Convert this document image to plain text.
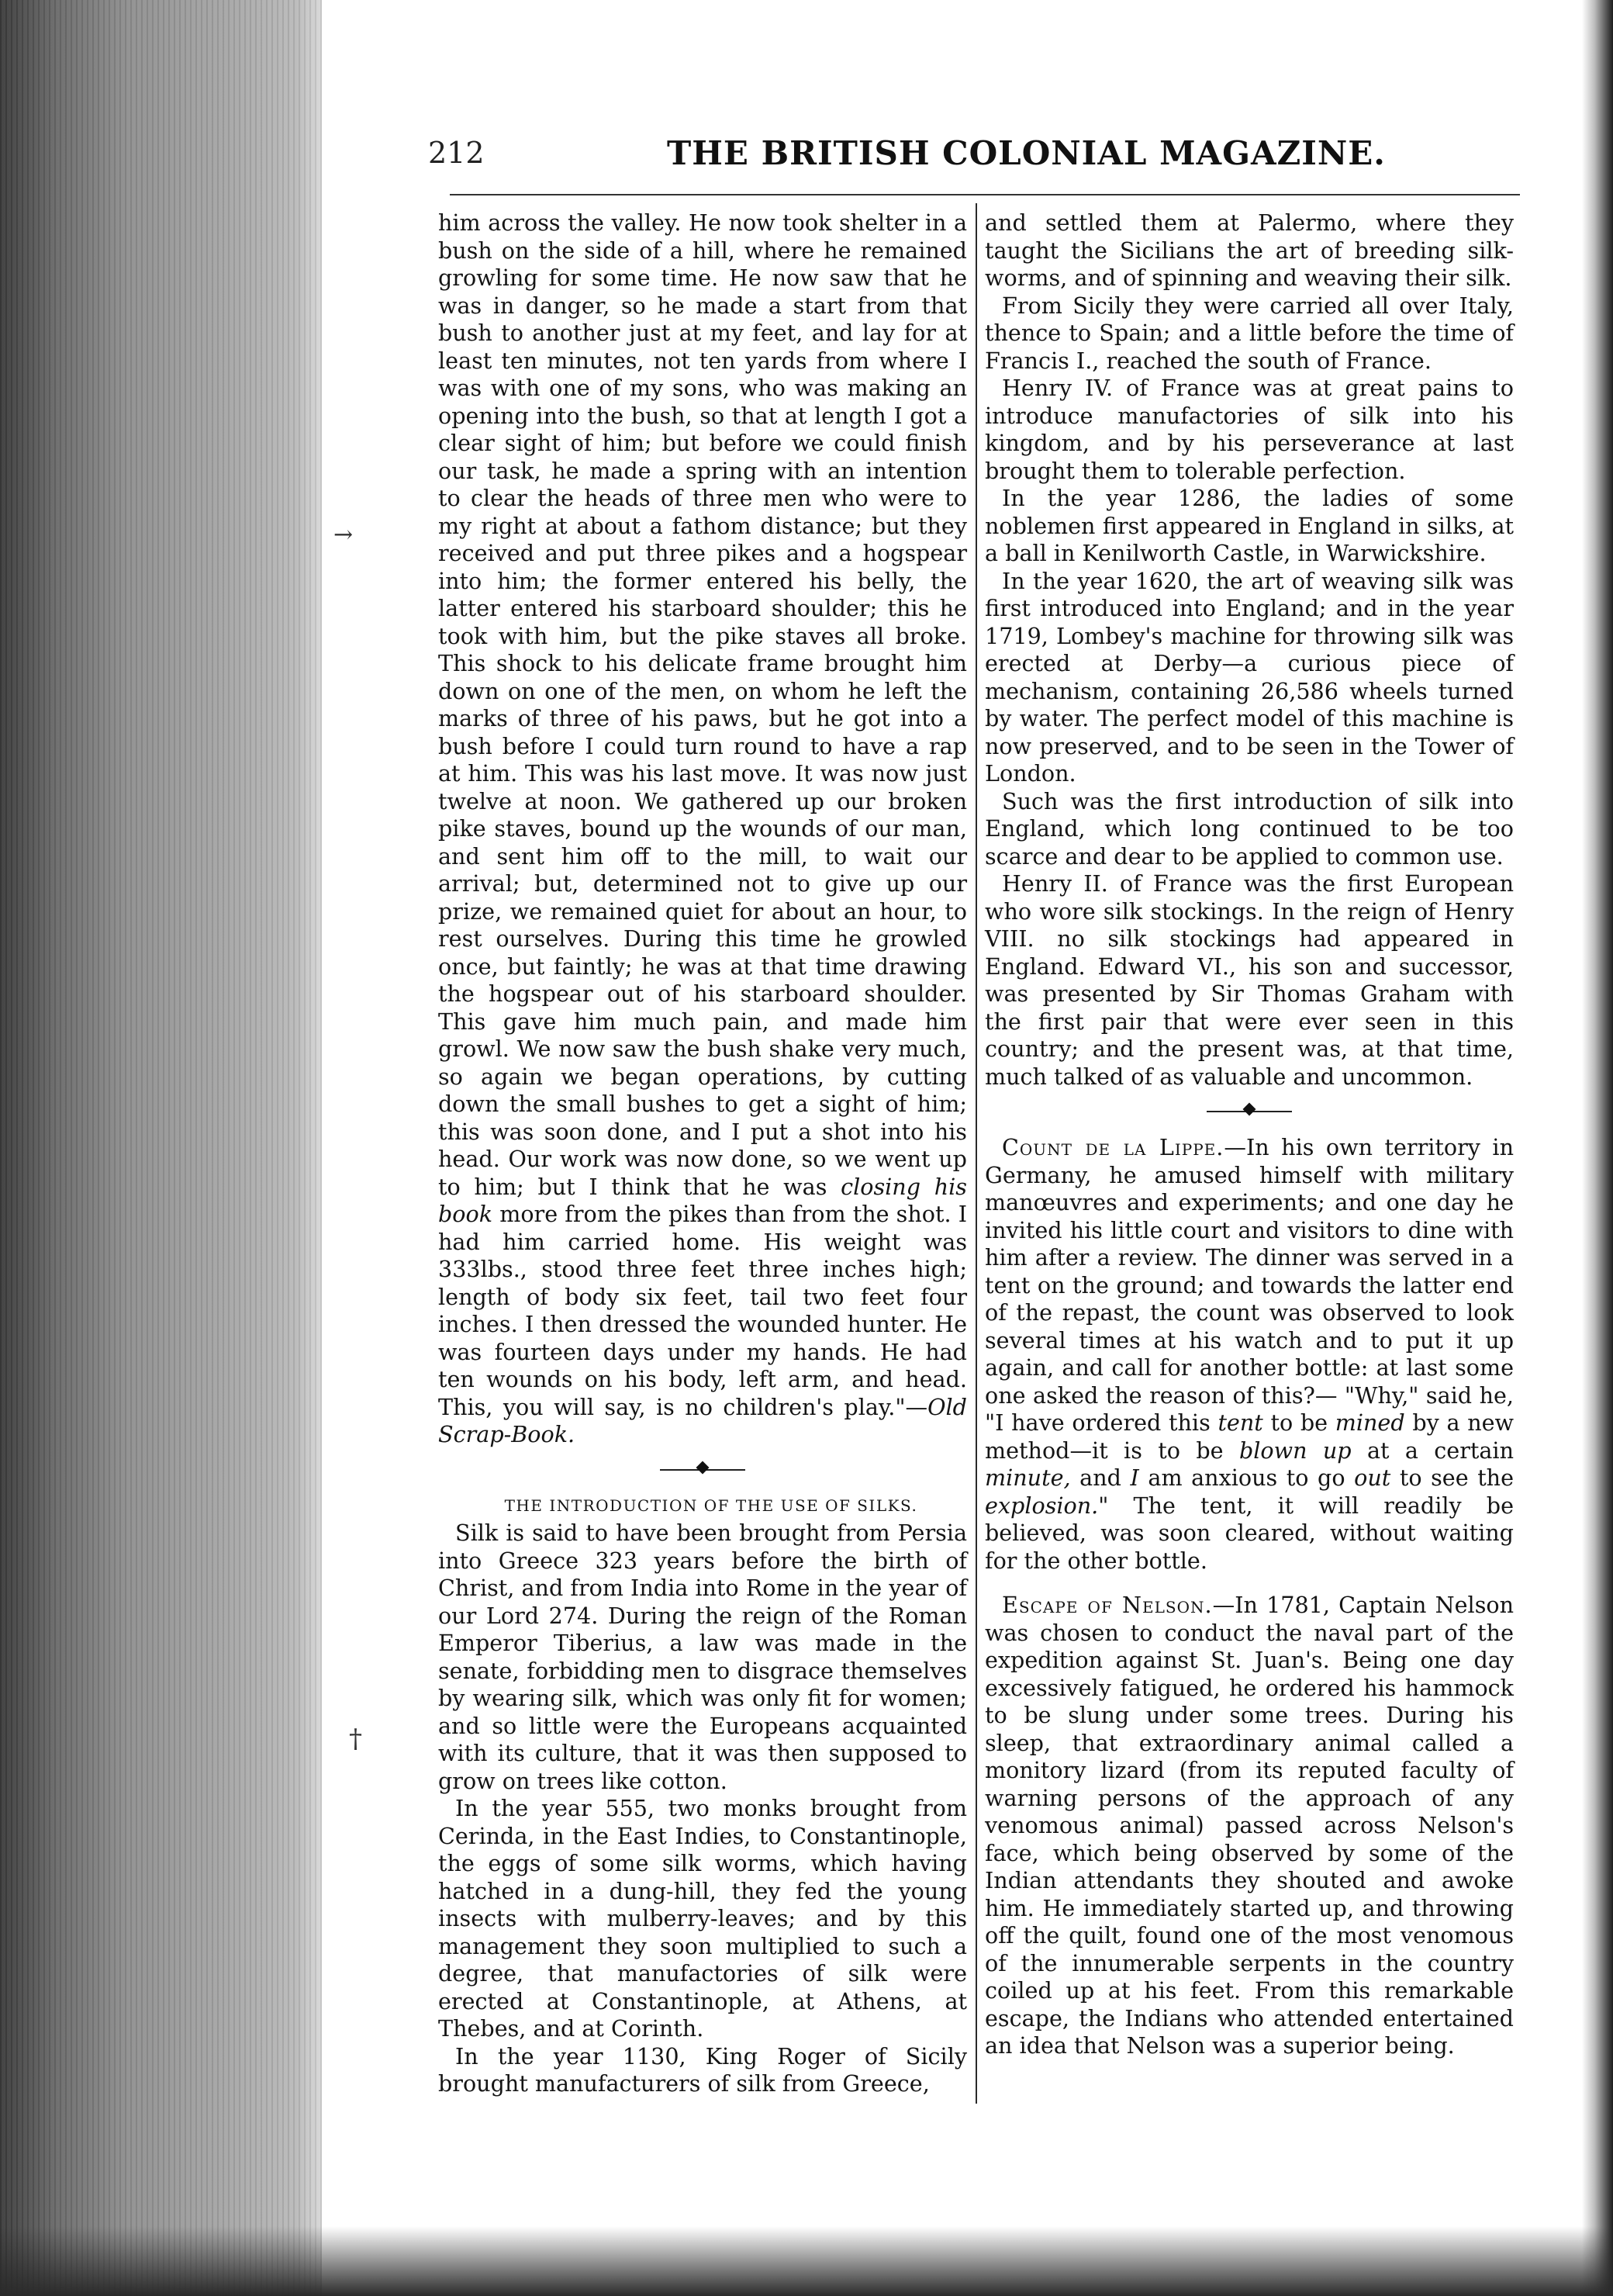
212	THE BRITISH COLONIAL MAGAZINE.
→
†

him across the valley. He now took shelter in a bush on the side of a hill, where he remained growling for some time. He now saw that he was in danger, so he made a start from that bush to another just at my feet, and lay for at least ten minutes, not ten yards from where I was with one of my sons, who was making an opening into the bush, so that at length I got a clear sight of him; but before we could finish our task, he made a spring with an intention to clear the heads of three men who were to my right at about a fathom distance; but they received and put three pikes and a hogspear into him; the former entered his belly, the latter entered his starboard shoulder; this he took with him, but the pike staves all broke. This shock to his delicate frame brought him down on one of the men, on whom he left the marks of three of his paws, but he got into a bush before I could turn round to have a rap at him. This was his last move. It was now just twelve at noon. We gathered up our broken pike staves, bound up the wounds of our man, and sent him off to the mill, to wait our arrival; but, determined not to give up our prize, we remained quiet for about an hour, to rest ourselves. During this time he growled once, but faintly; he was at that time drawing the hogspear out of his starboard shoulder. This gave him much pain, and made him growl. We now saw the bush shake very much, so again we began operations, by cutting down the small bushes to get a sight of him; this was soon done, and I put a shot into his head. Our work was now done, so we went up to him; but I think that he was closing his book more from the pikes than from the shot. I had him carried home. His weight was 333lbs., stood three feet three inches high; length of body six feet, tail two feet four inches. I then dressed the wounded hunter. He was fourteen days under my hands. He had ten wounds on his body, left arm, and head. This, you will say, is no children's play."—Old Scrap-Book.

THE INTRODUCTION OF THE USE OF SILKS.

Silk is said to have been brought from Persia into Greece 323 years before the birth of Christ, and from India into Rome in the year of our Lord 274. During the reign of the Roman Emperor Tiberius, a law was made in the senate, forbidding men to disgrace themselves by wearing silk, which was only fit for women; and so little were the Europeans acquainted with its culture, that it was then supposed to grow on trees like cotton.

In the year 555, two monks brought from Cerinda, in the East Indies, to Constantinople, the eggs of some silk worms, which having hatched in a dung-hill, they fed the young insects with mulberry-leaves; and by this management they soon multiplied to such a degree, that manufactories of silk were erected at Constantinople, at Athens, at Thebes, and at Corinth.

In the year 1130, King Roger of Sicily brought manufacturers of silk from Greece,

and settled them at Palermo, where they taught the Sicilians the art of breeding silk-worms, and of spinning and weaving their silk.

From Sicily they were carried all over Italy, thence to Spain; and a little before the time of Francis I., reached the south of France.

Henry IV. of France was at great pains to introduce manufactories of silk into his kingdom, and by his perseverance at last brought them to tolerable perfection.

In the year 1286, the ladies of some noblemen first appeared in England in silks, at a ball in Kenilworth Castle, in Warwickshire.

In the year 1620, the art of weaving silk was first introduced into England; and in the year 1719, Lombey's machine for throwing silk was erected at Derby—a curious piece of mechanism, containing 26,586 wheels turned by water. The perfect model of this machine is now preserved, and to be seen in the Tower of London.

Such was the first introduction of silk into England, which long continued to be too scarce and dear to be applied to common use.

Henry II. of France was the first European who wore silk stockings. In the reign of Henry VIII. no silk stockings had appeared in England. Edward VI., his son and successor, was presented by Sir Thomas Graham with the first pair that were ever seen in this country; and the present was, at that time, much talked of as valuable and uncommon.

Count de la Lippe.—In his own territory in Germany, he amused himself with military manœuvres and experiments; and one day he invited his little court and visitors to dine with him after a review. The dinner was served in a tent on the ground; and towards the latter end of the repast, the count was observed to look several times at his watch and to put it up again, and call for another bottle: at last some one asked the reason of this?— "Why," said he, "I have ordered this tent to be mined by a new method—it is to be blown up at a certain minute, and I am anxious to go out to see the explosion." The tent, it will readily be believed, was soon cleared, without waiting for the other bottle.

Escape of Nelson.—In 1781, Captain Nelson was chosen to conduct the naval part of the expedition against St. Juan's. Being one day excessively fatigued, he ordered his hammock to be slung under some trees. During his sleep, that extraordinary animal called a monitory lizard (from its reputed faculty of warning persons of the approach of any venomous animal) passed across Nelson's face, which being observed by some of the Indian attendants they shouted and awoke him. He immediately started up, and throwing off the quilt, found one of the most venomous of the innumerable serpents in the country coiled up at his feet. From this remarkable escape, the Indians who attended entertained an idea that Nelson was a superior being.
